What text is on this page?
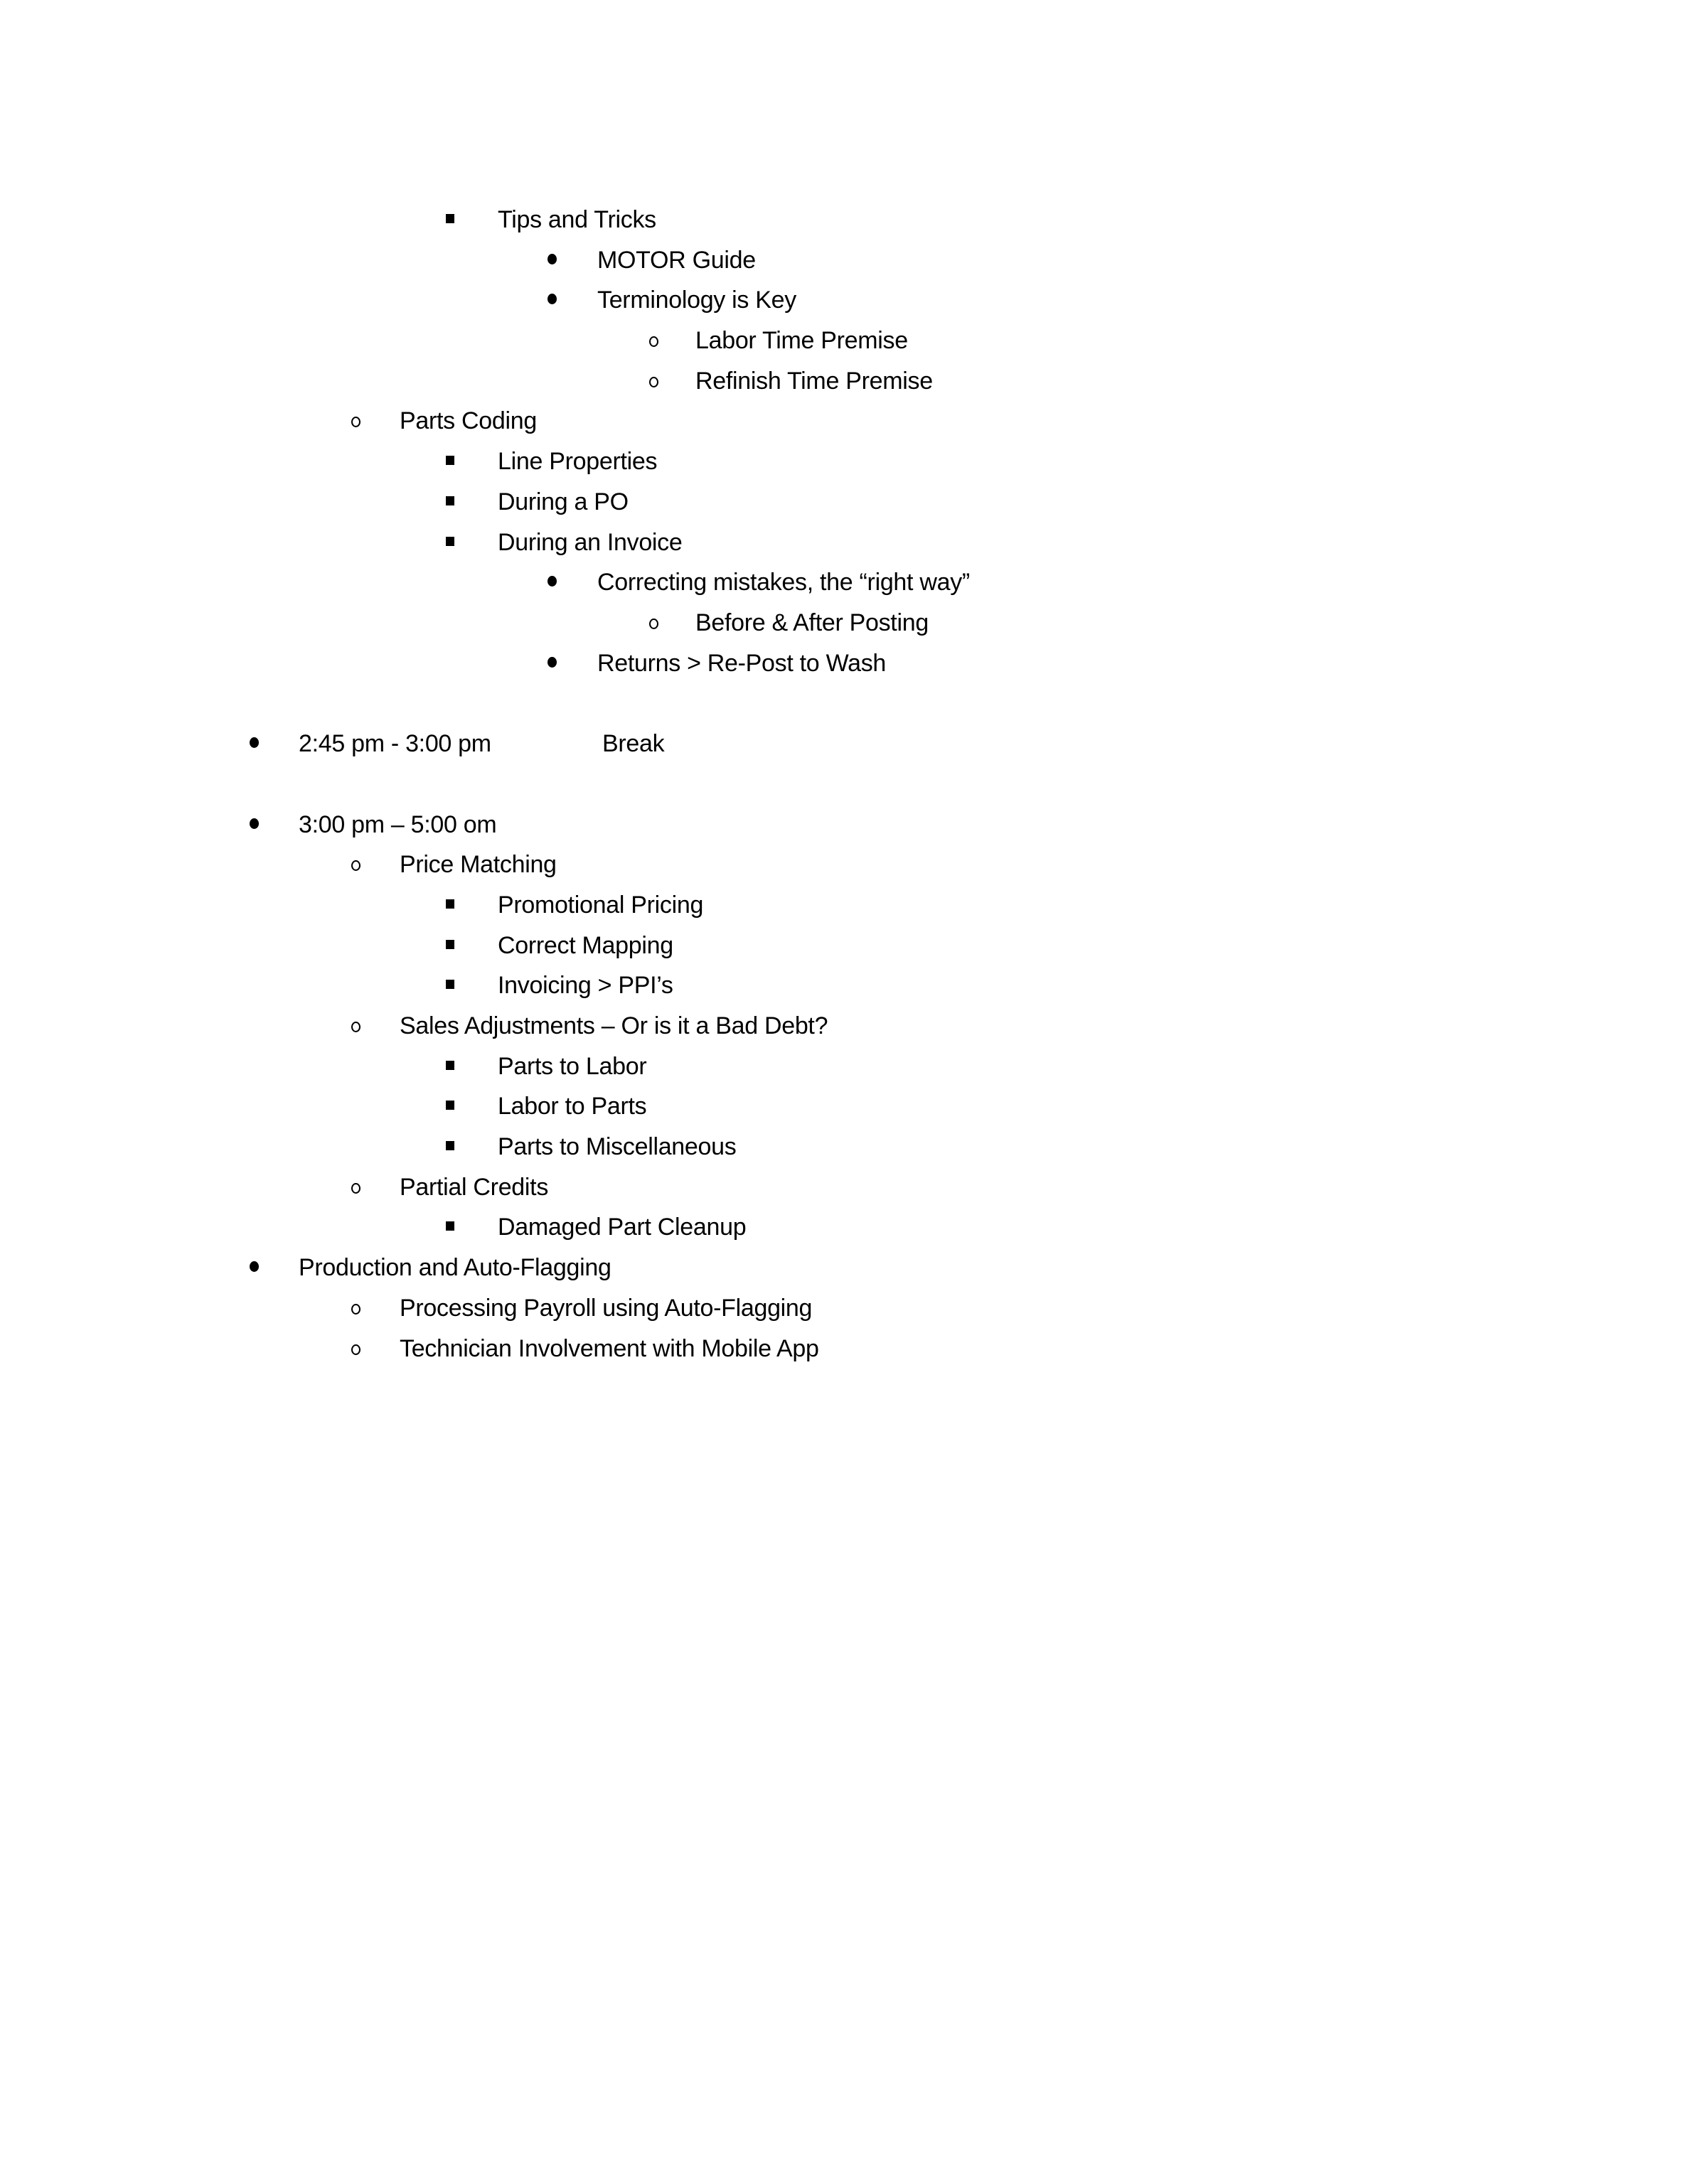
Tips and Tricks
MOTOR Guide
Terminology is Key
Labor Time Premise
Refinish Time Premise
Parts Coding
Line Properties
During a PO
During an Invoice
Correcting mistakes, the “right way”
Before & After Posting
Returns > Re-Post to Wash
2:45 pm - 3:00 pm	Break
3:00 pm – 5:00 om
Price Matching
Promotional Pricing
Correct Mapping
Invoicing > PPI’s
Sales Adjustments – Or is it a Bad Debt?
Parts to Labor
Labor to Parts
Parts to Miscellaneous
Partial Credits
Damaged Part Cleanup
Production and Auto-Flagging
Processing Payroll using Auto-Flagging
Technician Involvement with Mobile App
